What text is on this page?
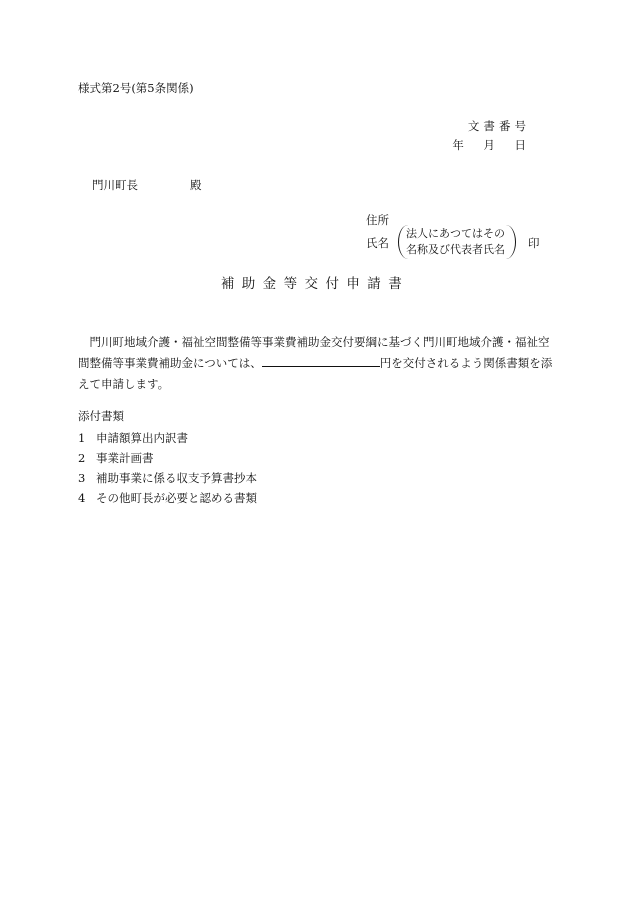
様式第2号(第5条関係)
文書番号
年　月　日
門川町長	殿
住所
氏名
法人にあつてはその
名称及び代表者氏名	印
補助金等交付申請書
門川町地域介護・福祉空間整備等事業費補助金交付要綱に基づく門川町地域介護・福祉空間整備等事業費補助金については、	円を交付されるよう関係書類を添えて申請します。
添付書類
1 申請額算出内訳書
2 事業計画書
3 補助事業に係る収支予算書抄本
4 その他町長が必要と認める書類
